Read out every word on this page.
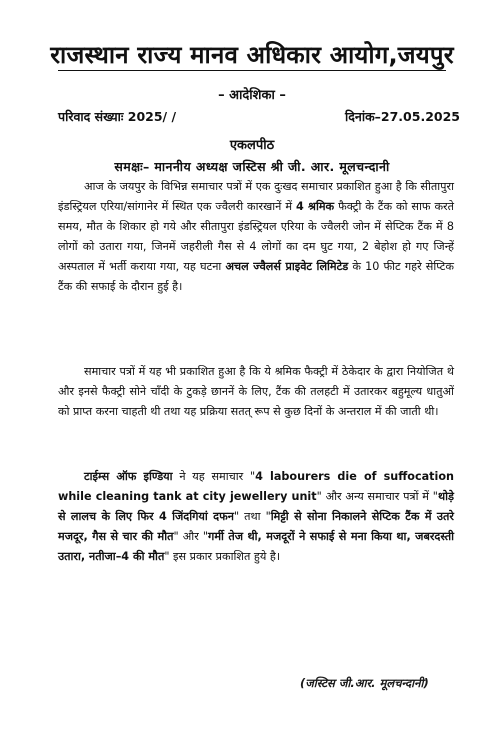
राजस्थान राज्य मानव अधिकार आयोग,जयपुर
– आदेशिका –
परिवाद संख्याः 2025/ /	दिनांक–27.05.2025
एकलपीठ
समक्षः– माननीय अध्यक्ष जस्टिस श्री जी. आर. मूलचन्दानी

आज के जयपुर के विभिन्न समाचार पत्रों में एक दुःखद समाचार प्रकाशित हुआ है कि सीतापुरा इंडस्ट्रियल एरिया/सांगानेर में स्थित एक ज्वैलरी कारखानें में 4 श्रमिक फैक्ट्री के टैंक को साफ करते समय, मौत के शिकार हो गये और सीतापुरा इंडस्ट्रियल एरिया के ज्वैलरी जोन में सेप्टिक टैंक में 8 लोगों को उतारा गया, जिनमें जहरीली गैस से 4 लोगों का दम घुट गया, 2 बेहोश हो गए जिन्हें अस्पताल में भर्ती कराया गया, यह घटना अचल ज्वैलर्स प्राइवेट लिमिटेड के 10 फीट गहरे सेप्टिक टैंक की सफाई के दौरान हुई है।

समाचार पत्रों में यह भी प्रकाशित हुआ है कि ये श्रमिक फैक्ट्री में ठेकेदार के द्वारा नियोजित थे और इनसे फैक्ट्री सोने चाँदी के टुकड़े छाननें के लिए, टैंक की तलहटी में उतारकर बहुमूल्य धातुओं को प्राप्त करना चाहती थी तथा यह प्रक्रिया सतत् रूप से कुछ दिनों के अन्तराल में की जाती थी।

टाईम्स ऑफ इण्डिया ने यह समाचार "4 labourers die of suffocation while cleaning tank at city jewellery unit" और अन्य समाचार पत्रों में "थोड़े से लालच के लिए फिर 4 जिंदगियां दफन" तथा "मिट्टी से सोना निकालने सेप्टिक टैंक में उतरे मजदूर, गैस से चार की मौत" और "गर्मी तेज थी, मजदूरों ने सफाई से मना किया था, जबरदस्ती उतारा, नतीजा–4 की मौत" इस प्रकार प्रकाशित हुये है।

(जस्टिस जी.आर. मूलचन्दानी)
